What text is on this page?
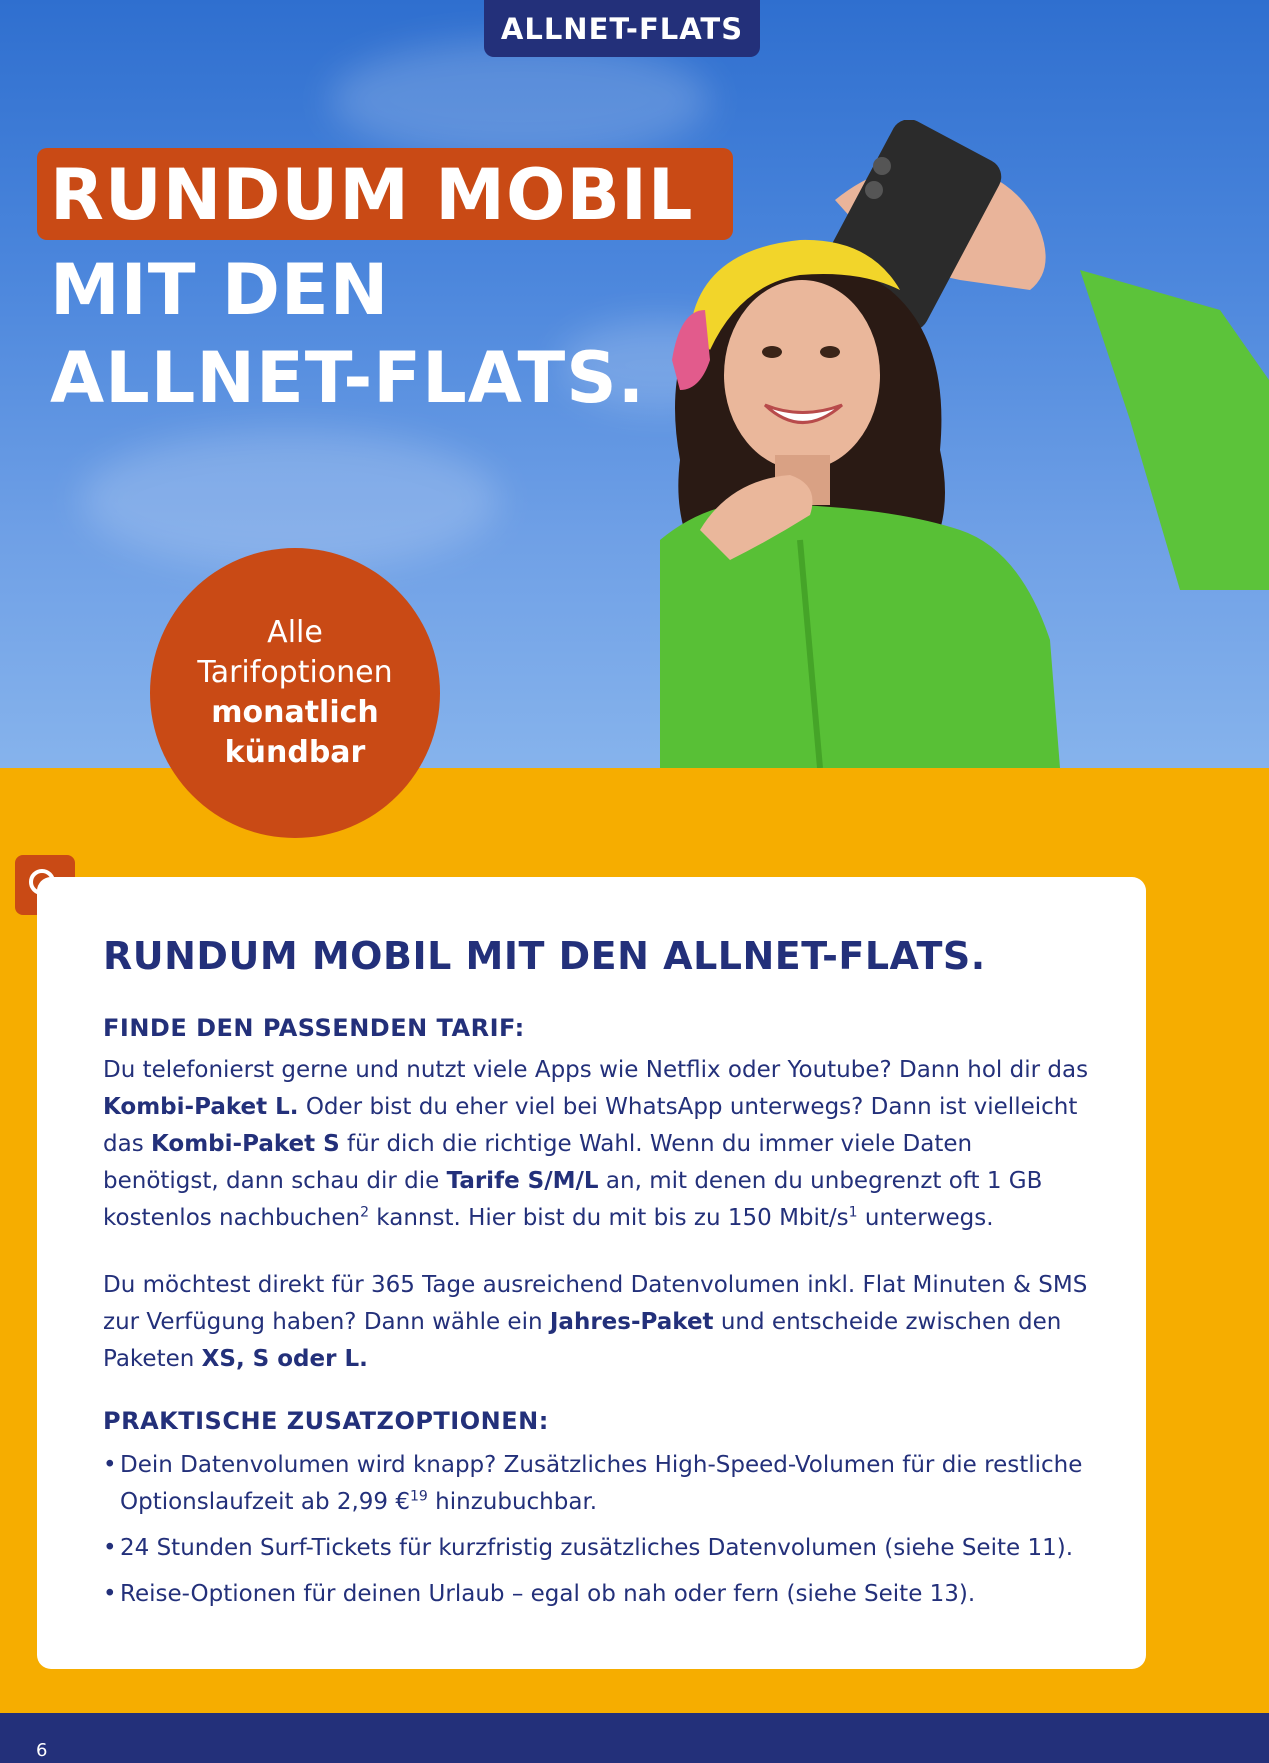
ALLNET-FLATS
RUNDUM MOBIL
MIT DEN
ALLNET-FLATS.
Alle
Tarifoptionen
monatlich
kündbar
RUNDUM MOBIL MIT DEN ALLNET-FLATS.
FINDE DEN PASSENDEN TARIF:

Du telefonierst gerne und nutzt viele Apps wie Netflix oder Youtube? Dann hol dir das Kombi-Paket L. Oder bist du eher viel bei WhatsApp unterwegs? Dann ist vielleicht das Kombi-Paket S für dich die richtige Wahl. Wenn du immer viele Daten benötigst, dann schau dir die Tarife S/M/L an, mit denen du unbegrenzt oft 1 GB kostenlos nachbuchen$^2$ kannst. Hier bist du mit bis zu 150 Mbit/$s^1$ unterwegs.

Du möchtest direkt für 365 Tage ausreichend Datenvolumen inkl. Flat Minuten & SMS zur Verfügung haben? Dann wähle ein Jahres-Paket und entscheide zwischen den Paketen XS, S oder L.

PRAKTISCHE ZUSATZOPTIONEN:
• Dein Datenvolumen wird knapp? Zusätzliches High-Speed-Volumen für die restliche Optionslaufzeit ab 2,99 €$^{19}$ hinzubuchbar.
• 24 Stunden Surf-Tickets für kurzfristig zusätzliches Datenvolumen (siehe Seite 11).
• Reise-Optionen für deinen Urlaub – egal ob nah oder fern (siehe Seite 13).
6
